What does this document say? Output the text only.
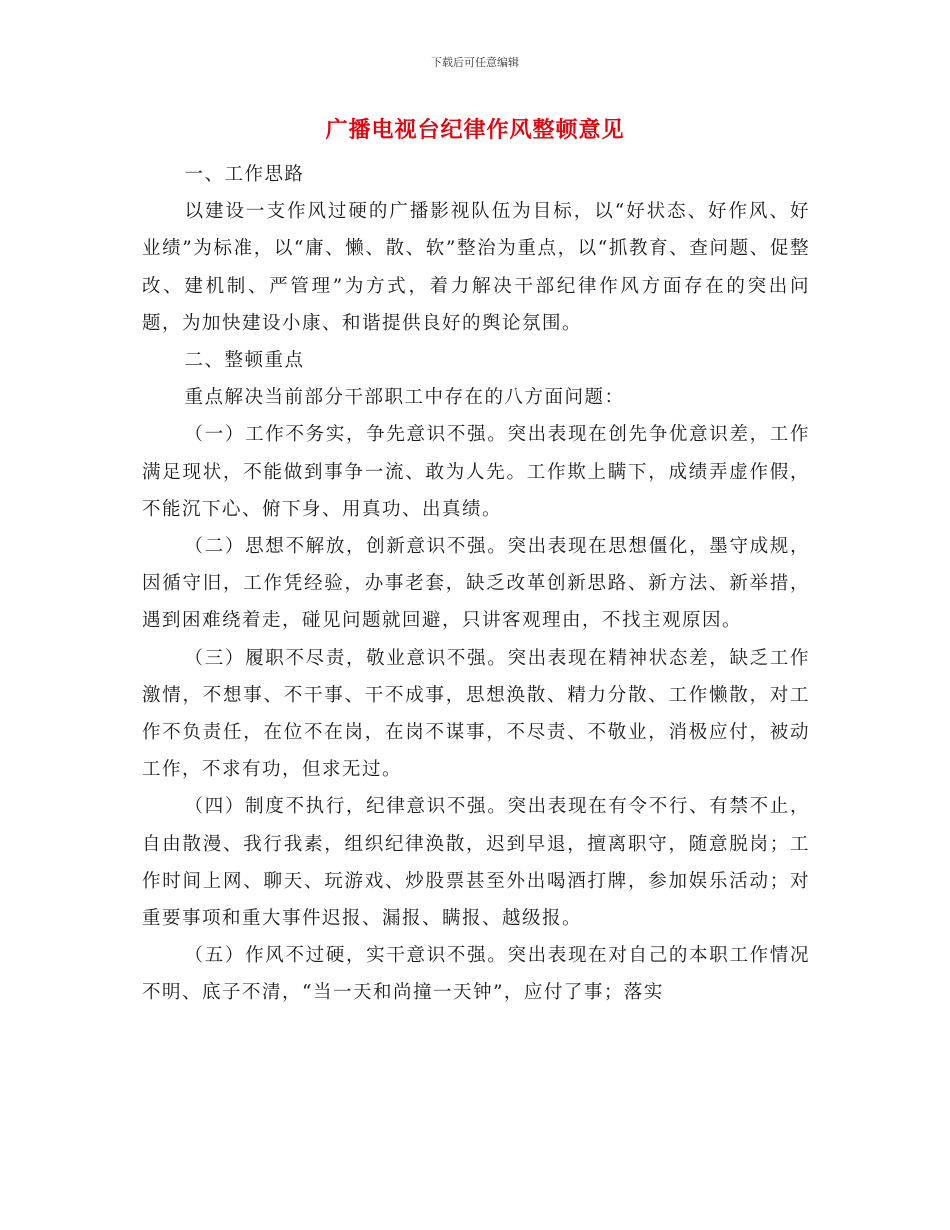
下载后可任意编辑
广播电视台纪律作风整顿意见

一、工作思路

以建设一支作风过硬的广播影视队伍为目标，以“好状态、好作风、好业绩”为标准，以“庸、懒、散、软”整治为重点，以“抓教育、查问题、促整改、建机制、严管理”为方式，着力解决干部纪律作风方面存在的突出问题，为加快建设小康、和谐提供良好的舆论氛围。

二、整顿重点

重点解决当前部分干部职工中存在的八方面问题：

（一）工作不务实，争先意识不强。突出表现在创先争优意识差，工作满足现状，不能做到事争一流、敢为人先。工作欺上瞒下，成绩弄虚作假，不能沉下心、俯下身、用真功、出真绩。

（二）思想不解放，创新意识不强。突出表现在思想僵化，墨守成规，因循守旧，工作凭经验，办事老套，缺乏改革创新思路、新方法、新举措，遇到困难绕着走，碰见问题就回避，只讲客观理由，不找主观原因。

（三）履职不尽责，敬业意识不强。突出表现在精神状态差，缺乏工作激情，不想事、不干事、干不成事，思想涣散、精力分散、工作懒散，对工作不负责任，在位不在岗，在岗不谋事，不尽责、不敬业，消极应付，被动工作，不求有功，但求无过。

（四）制度不执行，纪律意识不强。突出表现在有令不行、有禁不止，自由散漫、我行我素，组织纪律涣散，迟到早退，擅离职守，随意脱岗；工作时间上网、聊天、玩游戏、炒股票甚至外出喝酒打牌，参加娱乐活动；对重要事项和重大事件迟报、漏报、瞒报、越级报。

（五）作风不过硬，实干意识不强。突出表现在对自己的本职工作情况不明、底子不清，“当一天和尚撞一天钟”，应付了事；落实
